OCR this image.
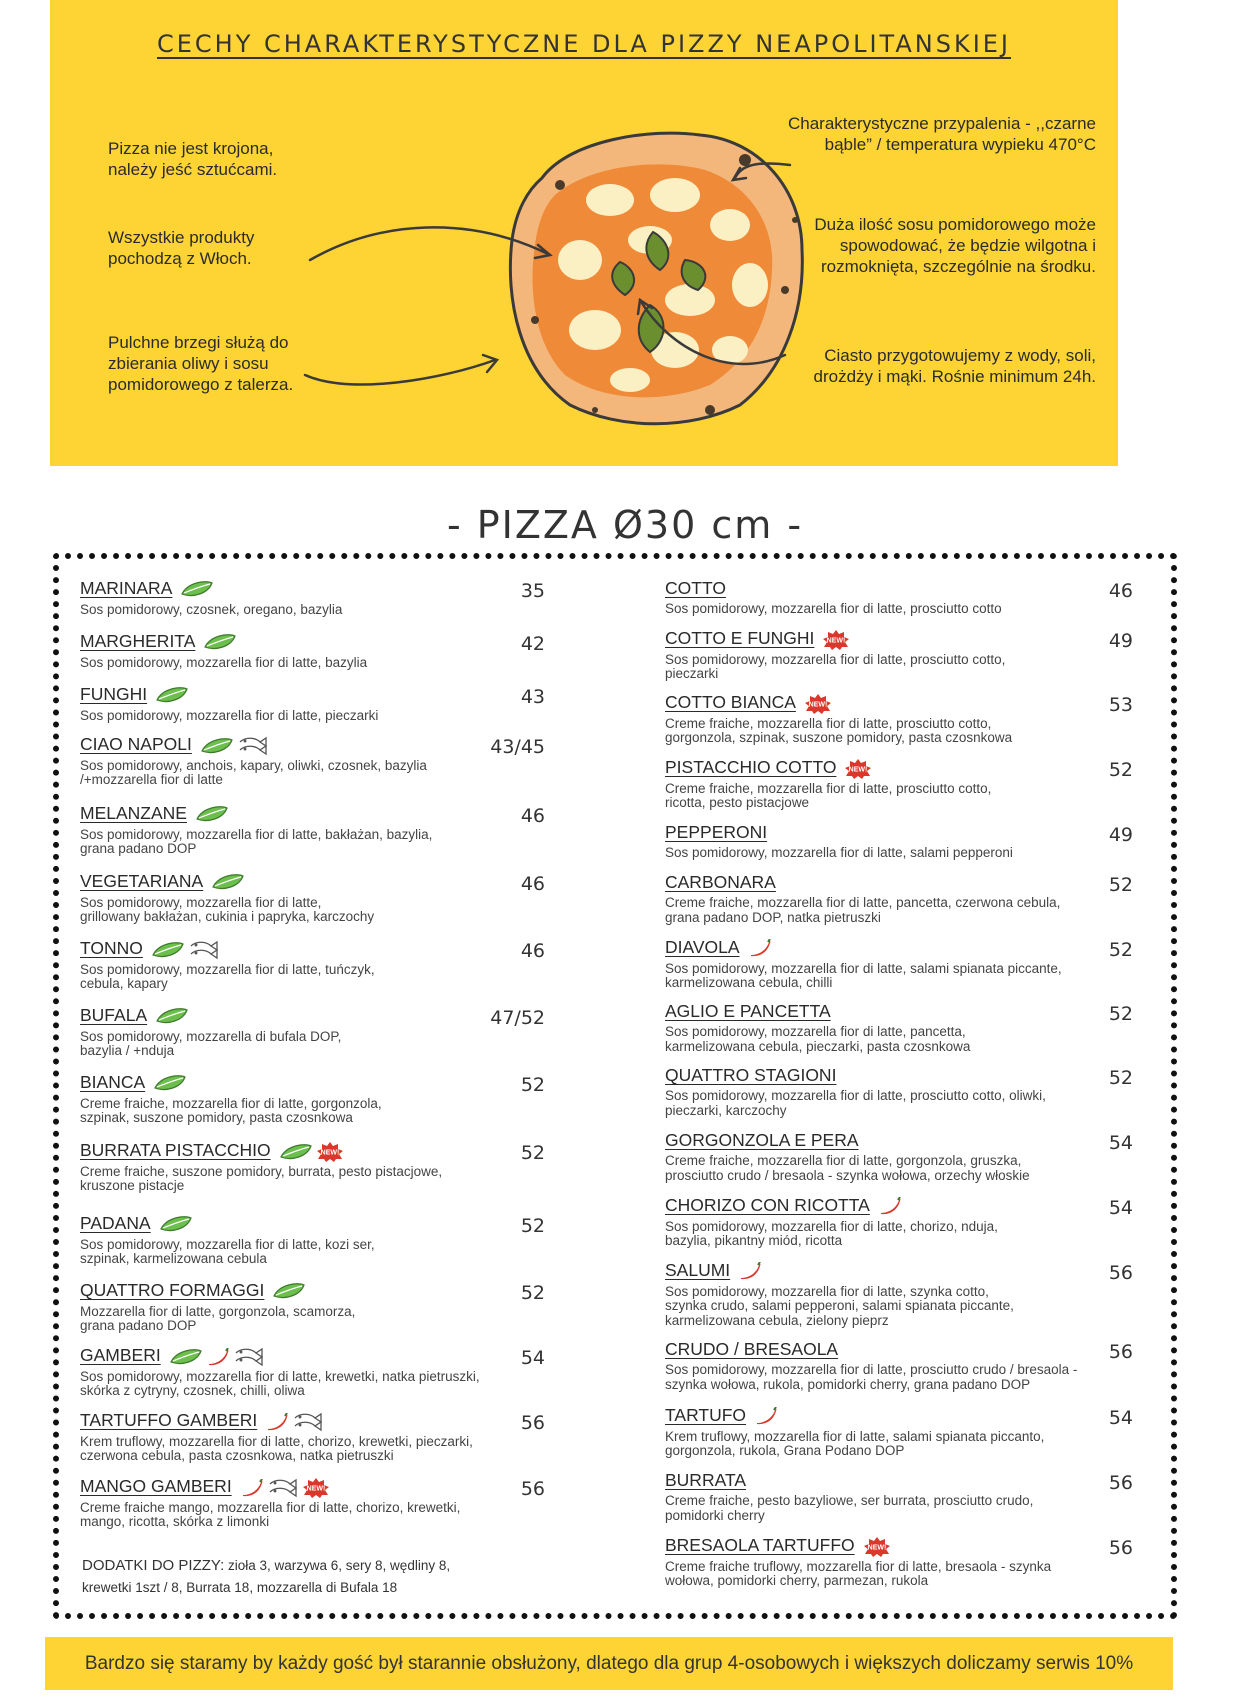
CECHY CHARAKTERYSTYCZNE DLA PIZZY NEAPOLITANSKIEJ
Pizza nie jest krojona,
należy jeść sztućcami.
Wszystkie produkty
pochodzą z Włoch.
Pulchne brzegi służą do
zbierania oliwy i sosu
pomidorowego z talerza.
Charakterystyczne przypalenia - ,,czarne
bąble” / temperatura wypieku 470°C
Duża ilość sosu pomidorowego może
spowodować, że będzie wilgotna i
rozmoknięta, szczególnie na środku.
Ciasto przygotowujemy z wody, soli,
drożdży i mąki. Rośnie minimum 24h.
- PIZZA Ø30 cm -
MARINARA
Sos pomidorowy, czosnek, oregano, bazylia
35
MARGHERITA
Sos pomidorowy, mozzarella fior di latte, bazylia
42
FUNGHI
Sos pomidorowy, mozzarella fior di latte, pieczarki
43
CIAO NAPOLI
Sos pomidorowy, anchois, kapary, oliwki, czosnek, bazylia
/+mozzarella fior di latte
43/45
MELANZANE
Sos pomidorowy, mozzarella fior di latte, bakłażan, bazylia,
grana padano DOP
46
VEGETARIANA
Sos pomidorowy, mozzarella fior di latte,
grillowany bakłażan, cukinia i papryka, karczochy
46
TONNO
Sos pomidorowy, mozzarella fior di latte, tuńczyk,
cebula, kapary
46
BUFALA
Sos pomidorowy, mozzarella di bufala DOP,
bazylia / +nduja
47/52
BIANCA
Creme fraiche, mozzarella fior di latte, gorgonzola,
szpinak, suszone pomidory, pasta czosnkowa
52
BURRATA PISTACCHIO	NEW!
Creme fraiche, suszone pomidory, burrata, pesto pistacjowe,
kruszone pistacje
52
PADANA
Sos pomidorowy, mozzarella fior di latte, kozi ser,
szpinak, karmelizowana cebula
52
QUATTRO FORMAGGI
Mozzarella fior di latte, gorgonzola, scamorza,
grana padano DOP
52
GAMBERI
Sos pomidorowy, mozzarella fior di latte, krewetki, natka pietruszki,
skórka z cytryny, czosnek, chilli, oliwa
54
TARTUFFO GAMBERI
Krem truflowy, mozzarella fior di latte, chorizo, krewetki, pieczarki,
czerwona cebula, pasta czosnkowa, natka pietruszki
56
MANGO GAMBERI	NEW!
Creme fraiche mango, mozzarella fior di latte, chorizo, krewetki,
mango, ricotta, skórka z limonki
56
COTTO
Sos pomidorowy, mozzarella fior di latte, prosciutto cotto
46
COTTO E FUNGHI NEW!
Sos pomidorowy, mozzarella fior di latte, prosciutto cotto,
pieczarki
49
COTTO BIANCA NEW!
Creme fraiche, mozzarella fior di latte, prosciutto cotto,
gorgonzola, szpinak, suszone pomidory, pasta czosnkowa
53
PISTACCHIO COTTO NEW!
Creme fraiche, mozzarella fior di latte, prosciutto cotto,
ricotta, pesto pistacjowe
52
PEPPERONI
Sos pomidorowy, mozzarella fior di latte, salami pepperoni
49
CARBONARA
Creme fraiche, mozzarella fior di latte, pancetta, czerwona cebula,
grana padano DOP, natka pietruszki
52
DIAVOLA
Sos pomidorowy, mozzarella fior di latte, salami spianata piccante,
karmelizowana cebula, chilli
52
AGLIO E PANCETTA
Sos pomidorowy, mozzarella fior di latte, pancetta,
karmelizowana cebula, pieczarki, pasta czosnkowa
52
QUATTRO STAGIONI
Sos pomidorowy, mozzarella fior di latte, prosciutto cotto, oliwki,
pieczarki, karczochy
52
GORGONZOLA E PERA
Creme fraiche, mozzarella fior di latte, gorgonzola, gruszka,
prosciutto crudo / bresaola - szynka wołowa, orzechy włoskie
54
CHORIZO CON RICOTTA
Sos pomidorowy, mozzarella fior di latte, chorizo, nduja,
bazylia, pikantny miód, ricotta
54
SALUMI
Sos pomidorowy, mozzarella fior di latte, szynka cotto,
szynka crudo, salami pepperoni, salami spianata piccante,
karmelizowana cebula, zielony pieprz
56
CRUDO / BRESAOLA
Sos pomidorowy, mozzarella fior di latte, prosciutto crudo / bresaola -
szynka wołowa, rukola, pomidorki cherry, grana padano DOP
56
TARTUFO
Krem truflowy, mozzarella fior di latte, salami spianata piccanto,
gorgonzola, rukola, Grana Podano DOP
54
BURRATA
Creme fraiche, pesto bazyliowe, ser burrata, prosciutto crudo,
pomidorki cherry
56
BRESAOLA TARTUFFO NEW!
Creme fraiche truflowy, mozzarella fior di latte, bresaola - szynka
wołowa, pomidorki cherry, parmezan, rukola
56
DODATKI DO PIZZY: zioła 3, warzywa 6, sery 8, wędliny 8,
krewetki 1szt / 8, Burrata 18, mozzarella di Bufala 18
Bardzo się staramy by każdy gość był starannie obsłużony, dlatego dla grup 4-osobowych i większych doliczamy serwis 10%
